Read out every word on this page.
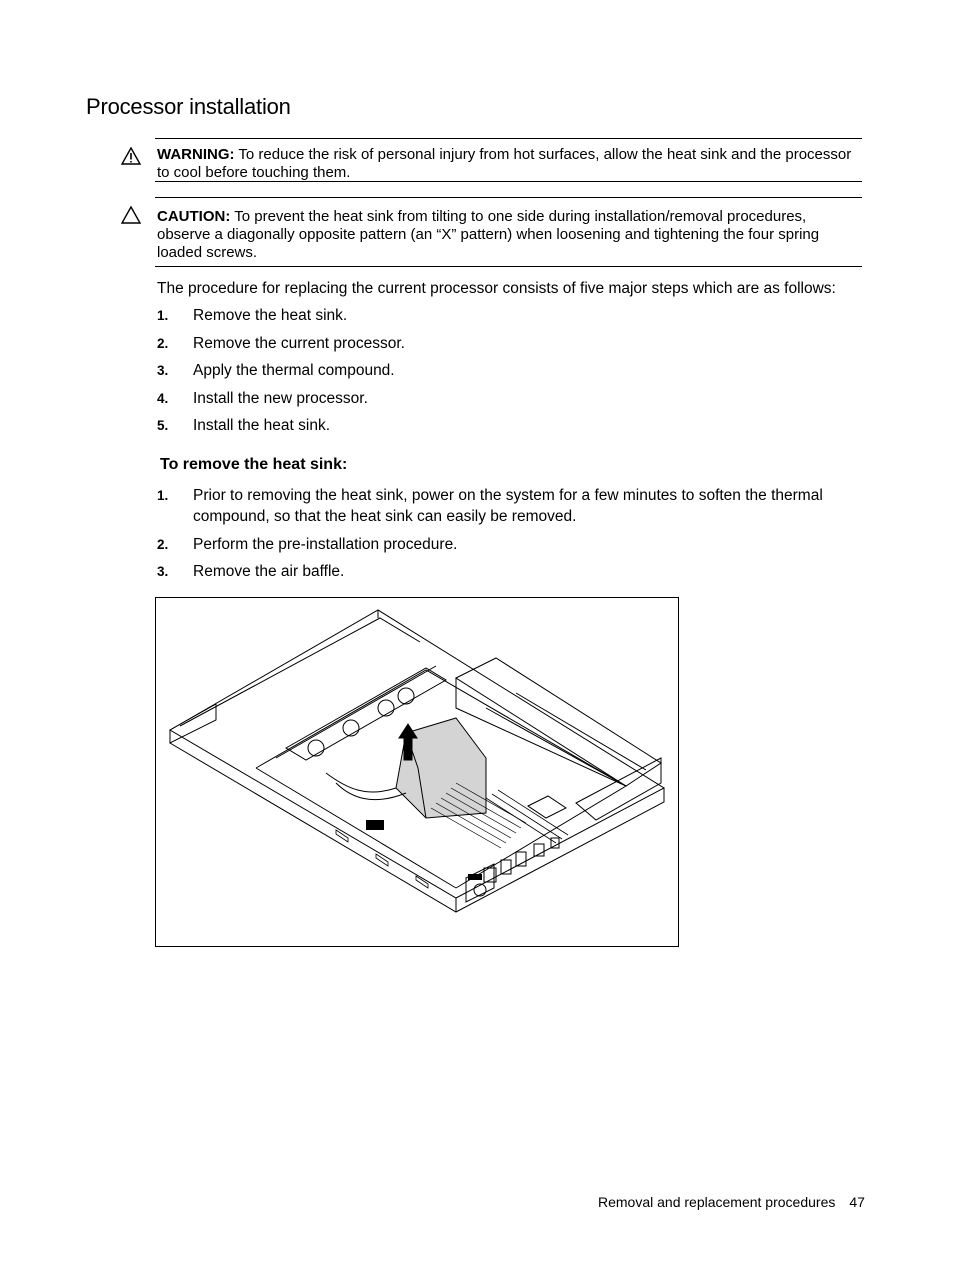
Processor installation
WARNING: To reduce the risk of personal injury from hot surfaces, allow the heat sink and the processor to cool before touching them.
CAUTION: To prevent the heat sink from tilting to one side during installation/removal procedures, observe a diagonally opposite pattern (an “X” pattern) when loosening and tightening the four spring loaded screws.
The procedure for replacing the current processor consists of five major steps which are as follows:
1. Remove the heat sink.
2. Remove the current processor.
3. Apply the thermal compound.
4. Install the new processor.
5. Install the heat sink.
To remove the heat sink:
1. Prior to removing the heat sink, power on the system for a few minutes to soften the thermal compound, so that the heat sink can easily be removed.
2. Perform the pre-installation procedure.
3. Remove the air baffle.
Removal and replacement procedures 47
